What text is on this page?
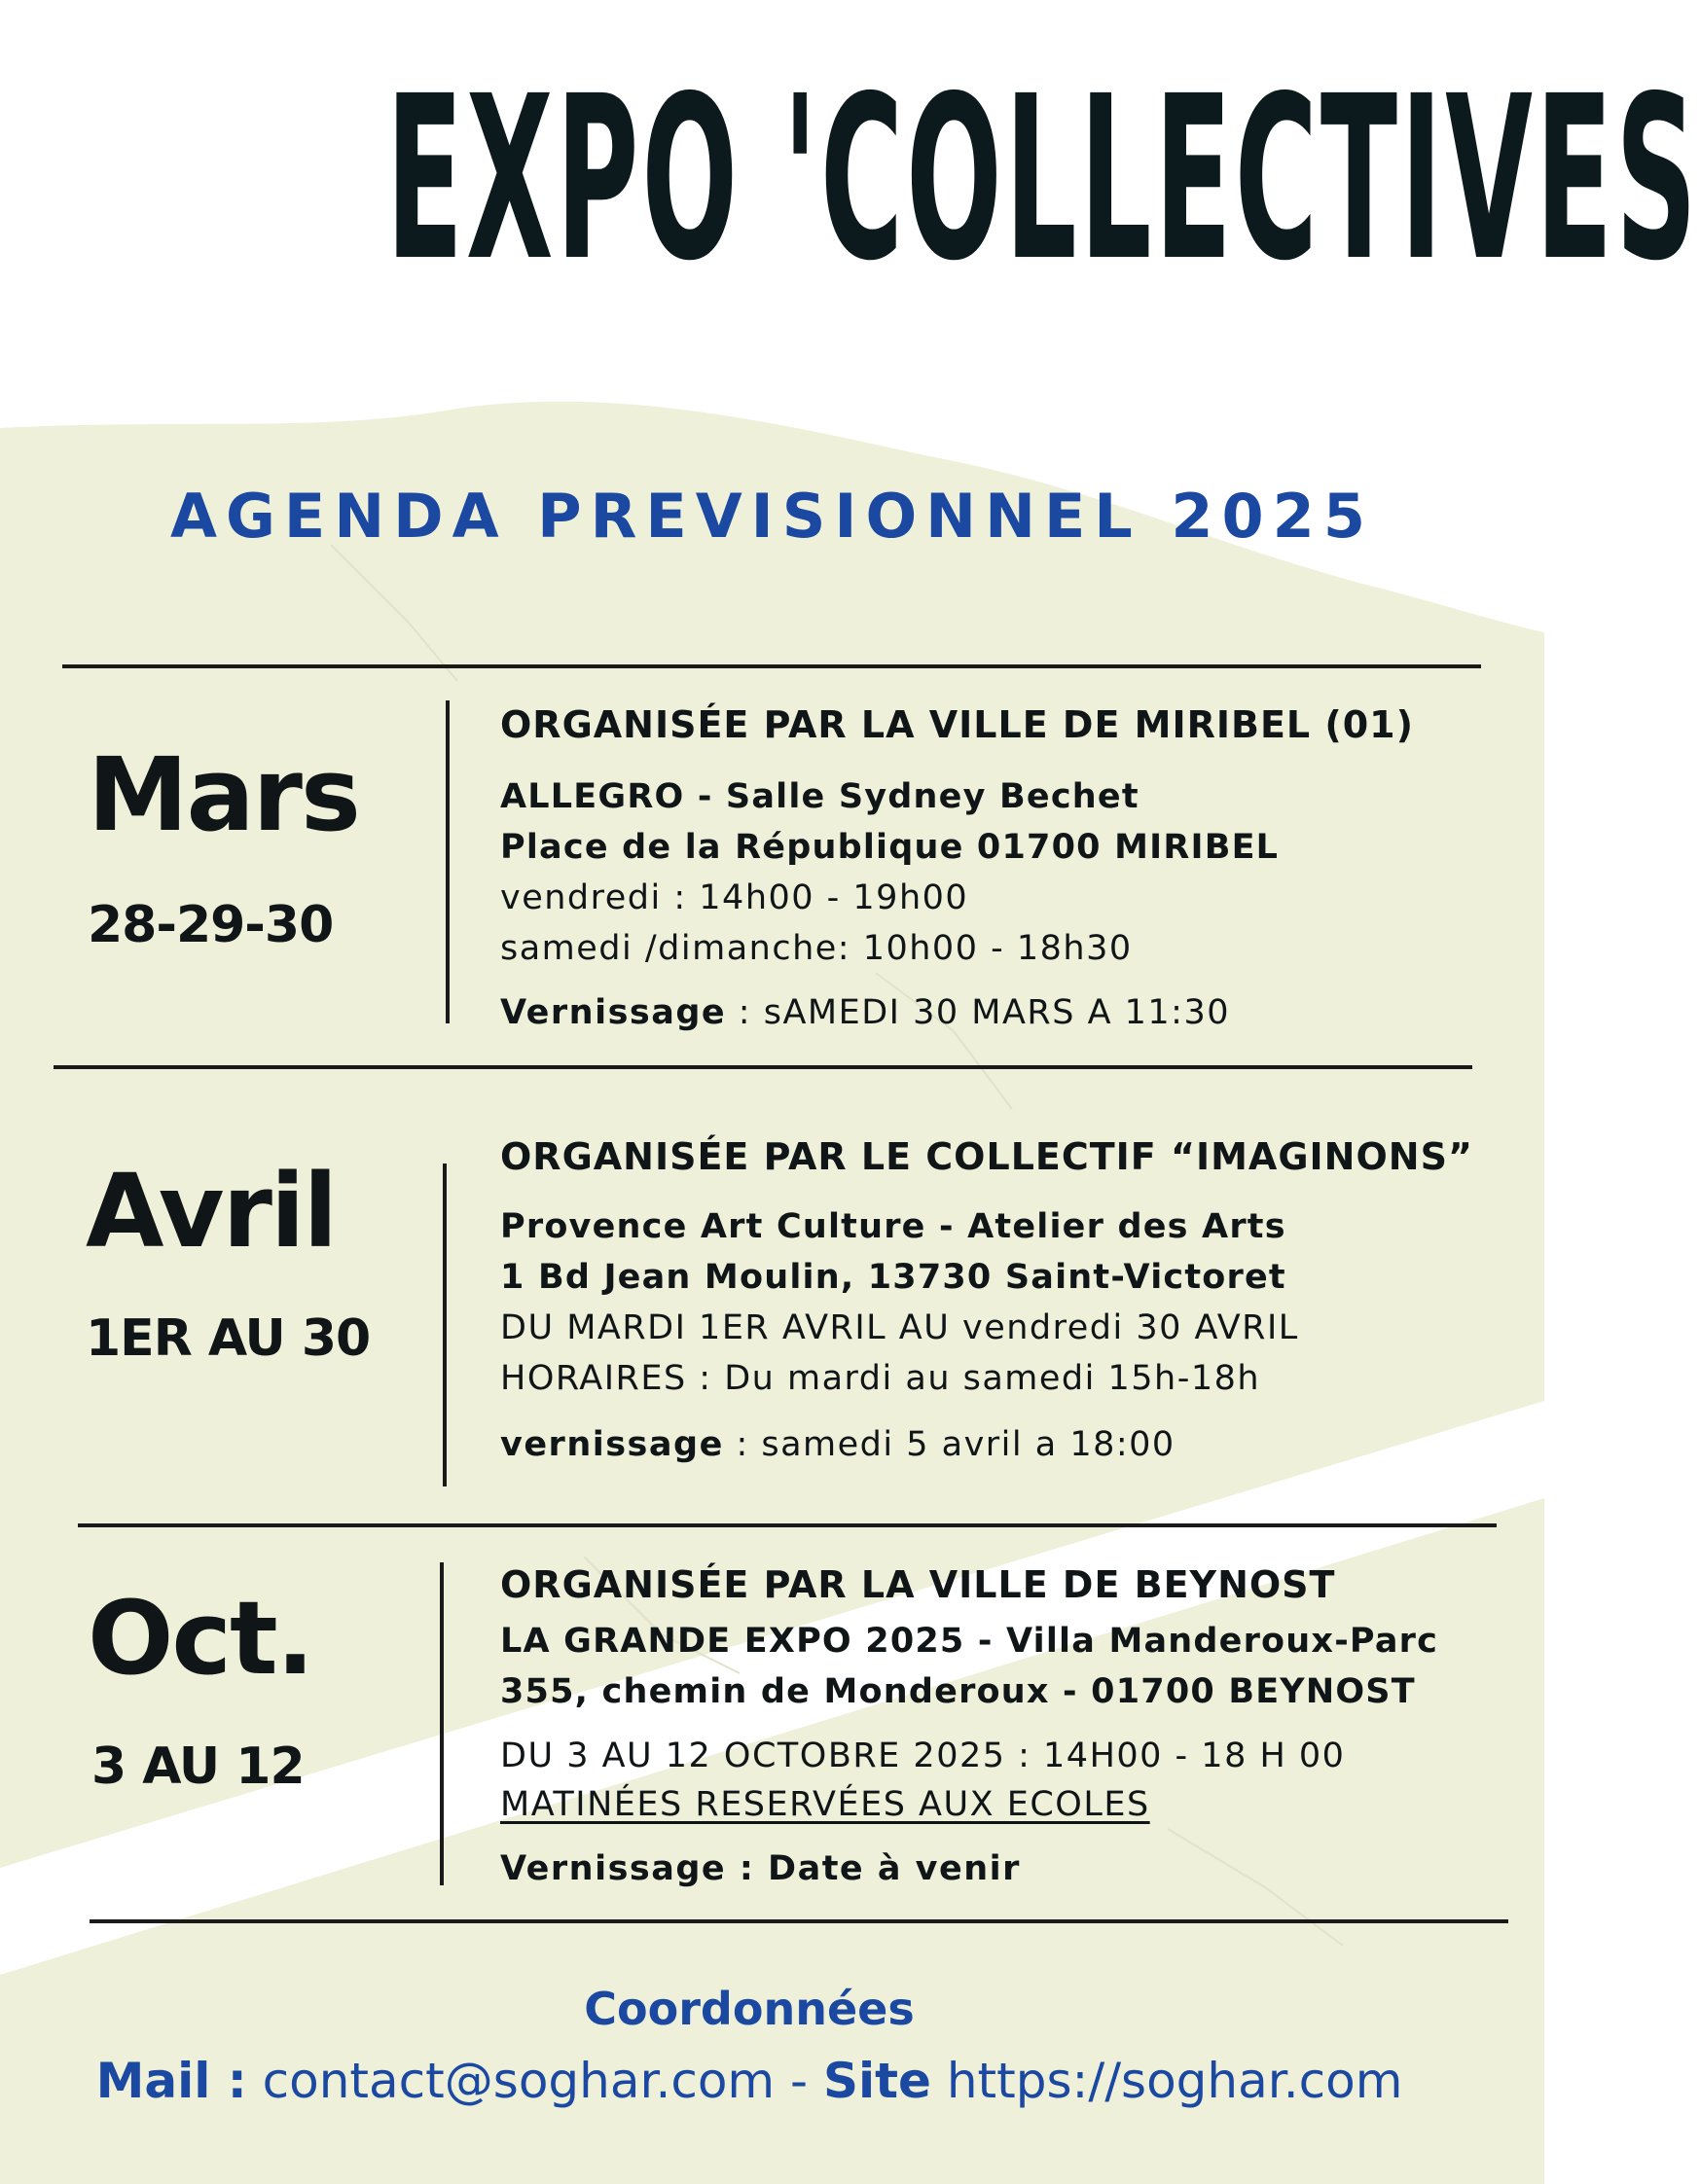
EXPO 'COLLECTIVES
AGENDA PREVISIONNEL 2025
Mars
28-29-30
ORGANISÉE PAR LA VILLE DE MIRIBEL (01)
ALLEGRO - Salle Sydney Bechet
Place de la République 01700 MIRIBEL
vendredi : 14h00 - 19h00
samedi /dimanche: 10h00 - 18h30
Vernissage : sAMEDI 30 MARS A 11:30
Avril
1ER AU 30
ORGANISÉE PAR LE COLLECTIF “IMAGINONS”
Provence Art Culture - Atelier des Arts
1 Bd Jean Moulin, 13730 Saint-Victoret
DU MARDI 1ER AVRIL AU vendredi 30 AVRIL
HORAIRES : Du mardi au samedi 15h-18h
vernissage : samedi 5 avril a 18:00
Oct.
3 AU 12
ORGANISÉE PAR LA VILLE DE BEYNOST
LA GRANDE EXPO 2025 - Villa Manderoux-Parc
355, chemin de Monderoux - 01700 BEYNOST
DU 3 AU 12 OCTOBRE 2025 : 14H00 - 18 H 00
MATINÉES RESERVÉES AUX ECOLES
Vernissage : Date à venir
Coordonnées
Mail : contact@soghar.com - Site https://soghar.com
